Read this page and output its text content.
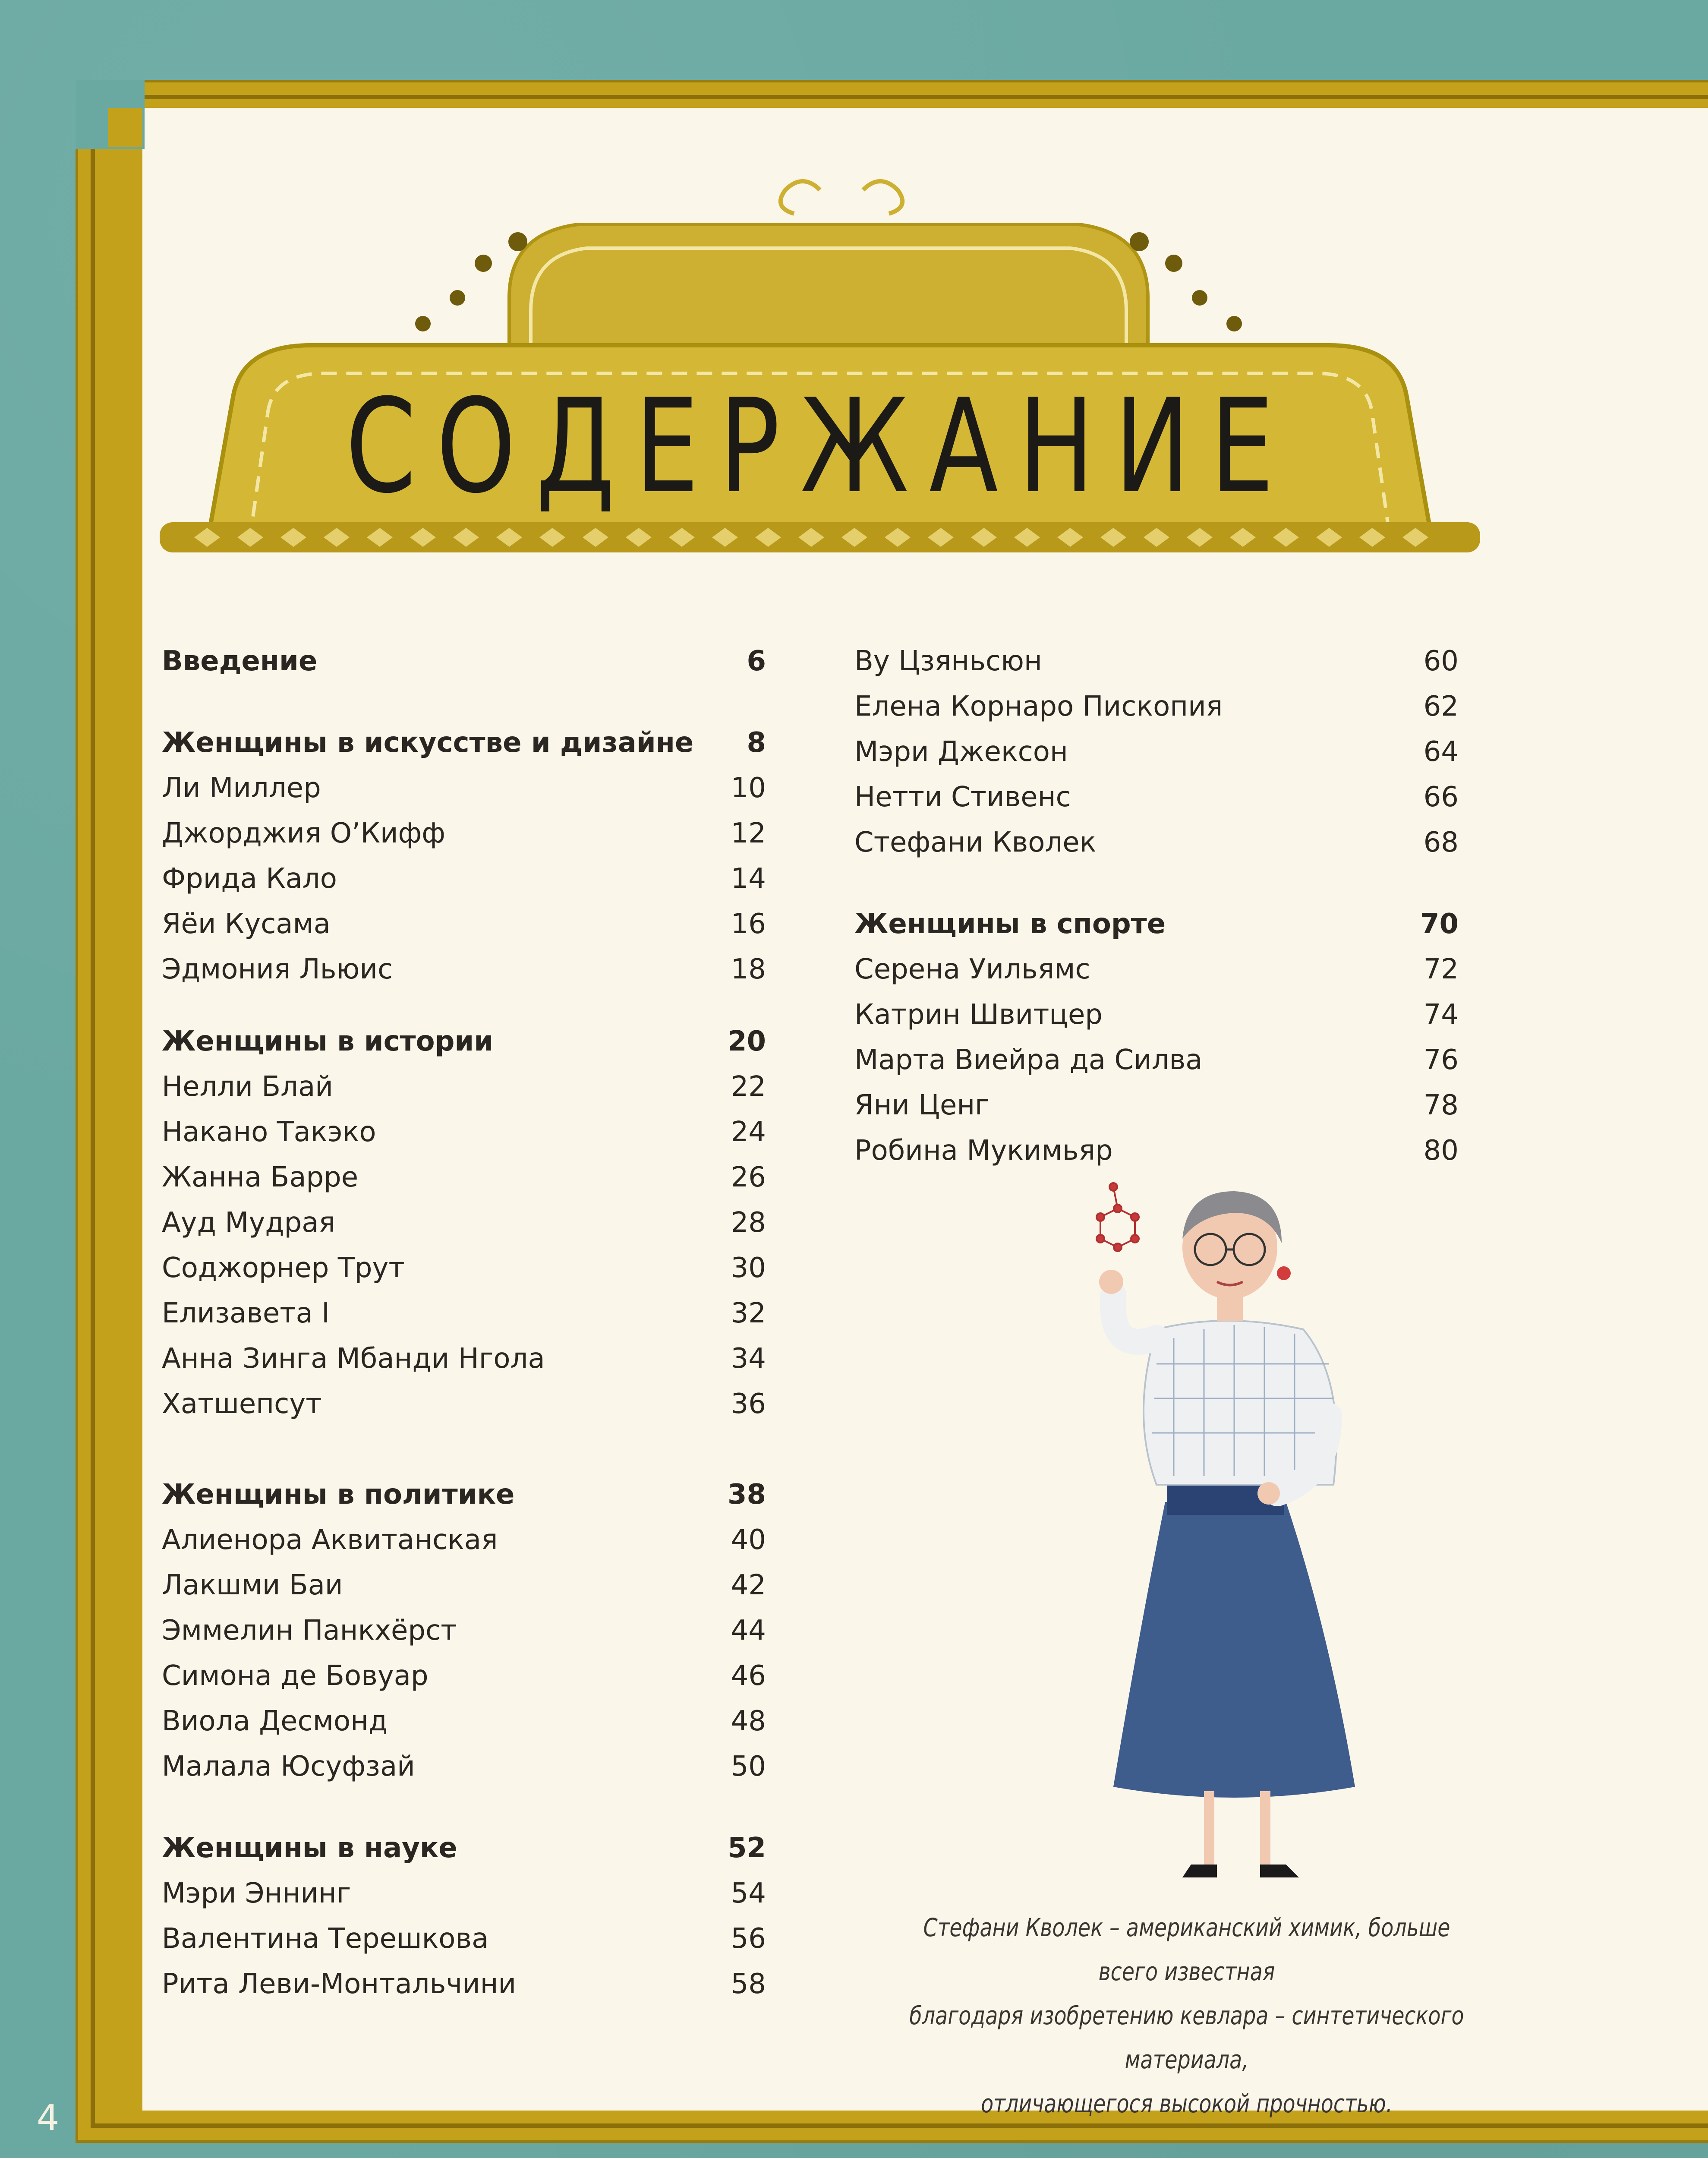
СОДЕРЖАНИЕ
Введение	6
Женщины в искусстве и дизайне 8
Ли Миллер	10
Джорджия О’Кифф	12
Фрида Кало	14
Яёи Кусама	16
Эдмония Льюис	18
Женщины в истории	20
Нелли Блай	22
Накано Такэко	24
Жанна Барре	26
Ауд Мудрая	28
Соджорнер Трут	30
Елизавета I	32
Анна Зинга Мбанди Нгола	34
Хатшепсут	36
Женщины в политике	38
Алиенора Аквитанская	40
Лакшми Баи	42
Эммелин Панкхёрст	44
Симона де Бовуар	46
Виола Десмонд	48
Малала Юсуфзай	50
Женщины в науке	52
Мэри Эннинг	54
Валентина Терешкова	56
Рита Леви-Монтальчини	58
Ву Цзяньсюн	60
Елена Корнаро Пископия	62
Мэри Джексон	64
Нетти Стивенс	66
Стефани Кволек	68
Женщины в спорте	70
Серена Уильямс	72
Катрин Швитцер	74
Марта Виейра да Силва	76
Яни Ценг	78
Робина Мукимьяр	80
Стефани Кволек – американский химик, больше всего известная
благодаря изобретению кевлара – синтетического материала,
отличающегося высокой прочностью.
4
